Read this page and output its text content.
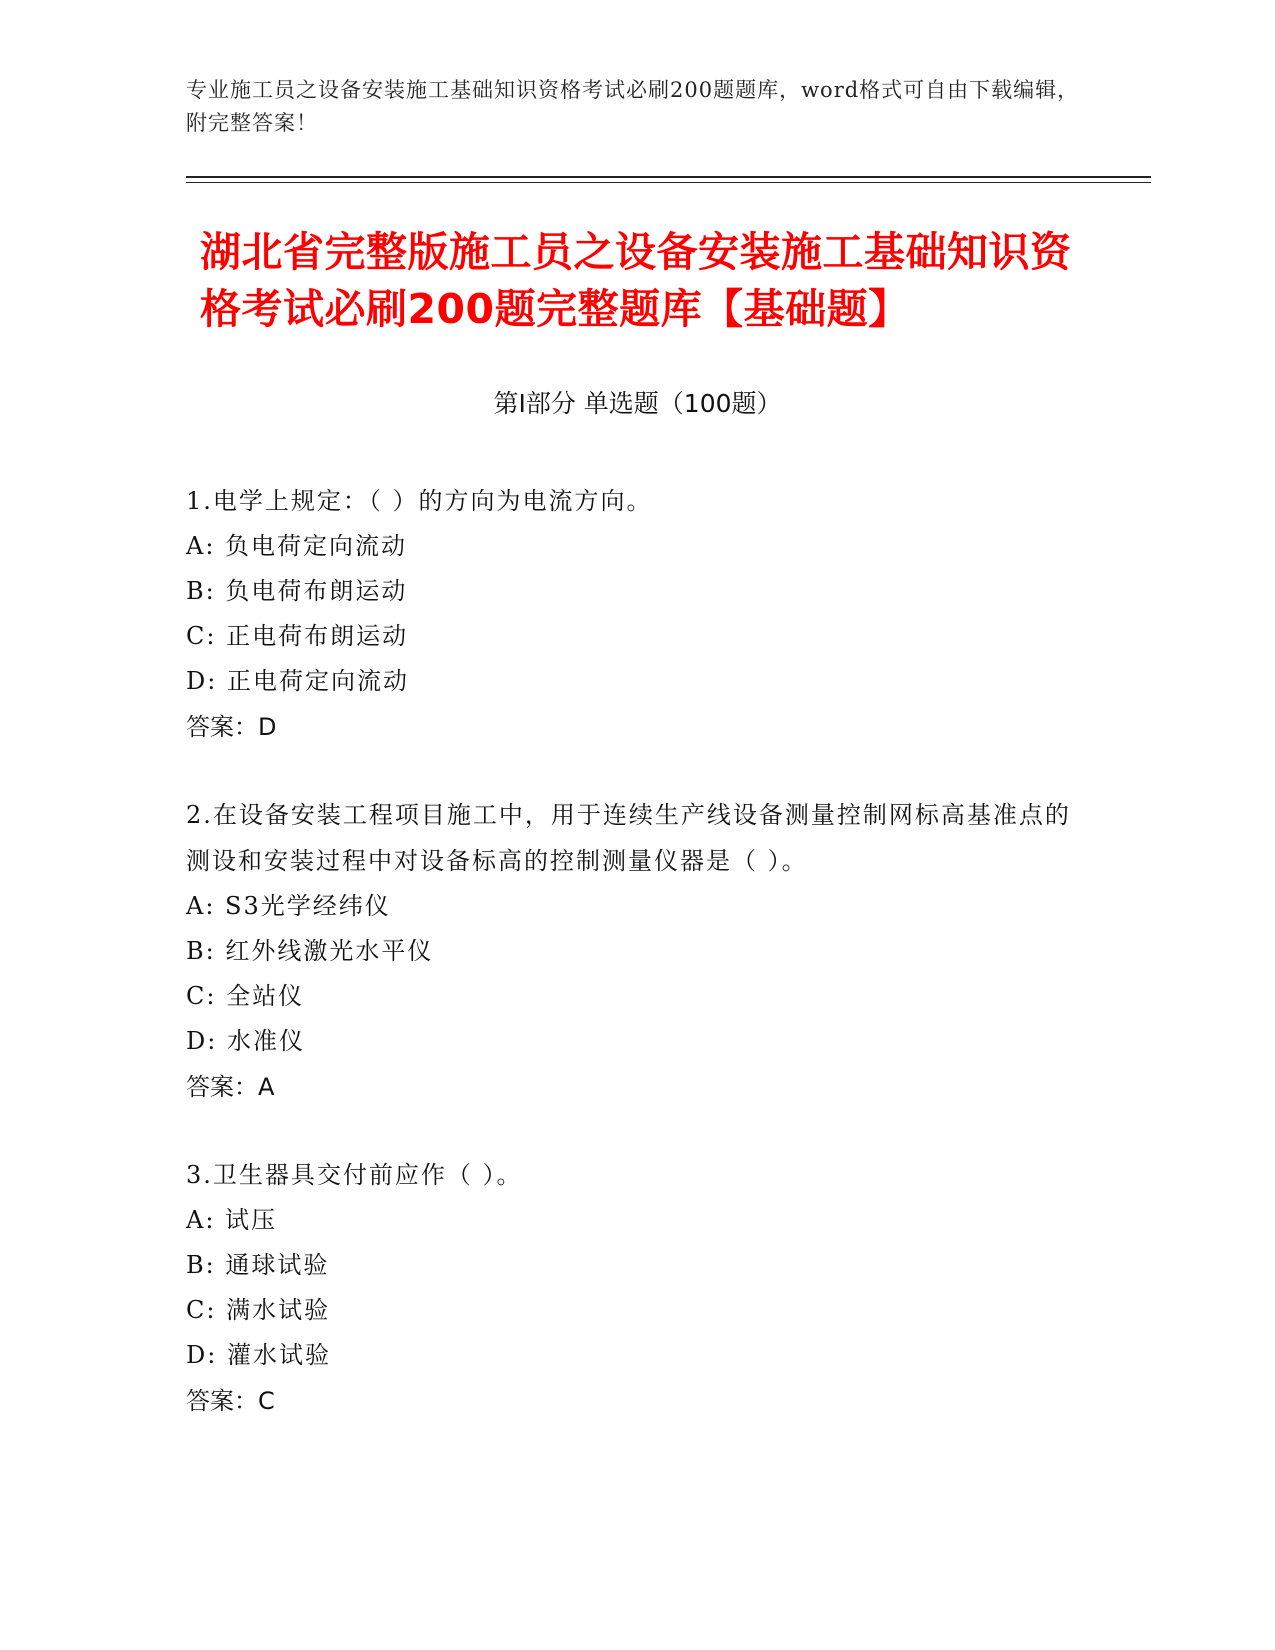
专业施工员之设备安装施工基础知识资格考试必刷200题题库，word格式可自由下载编辑，附完整答案！
湖北省完整版施工员之设备安装施工基础知识资格考试必刷200题完整题库【基础题】
第Ⅰ部分 单选题（100题）
1.电学上规定：（ ）的方向为电流方向。
A: 负电荷定向流动
B: 负电荷布朗运动
C: 正电荷布朗运动
D: 正电荷定向流动
答案：D
2.在设备安装工程项目施工中，用于连续生产线设备测量控制网标高基准点的测设和安装过程中对设备标高的控制测量仪器是（ ）。
A: S3光学经纬仪
B: 红外线激光水平仪
C: 全站仪
D: 水准仪
答案：A
3.卫生器具交付前应作（ ）。
A: 试压
B: 通球试验
C: 满水试验
D: 灌水试验
答案：C
